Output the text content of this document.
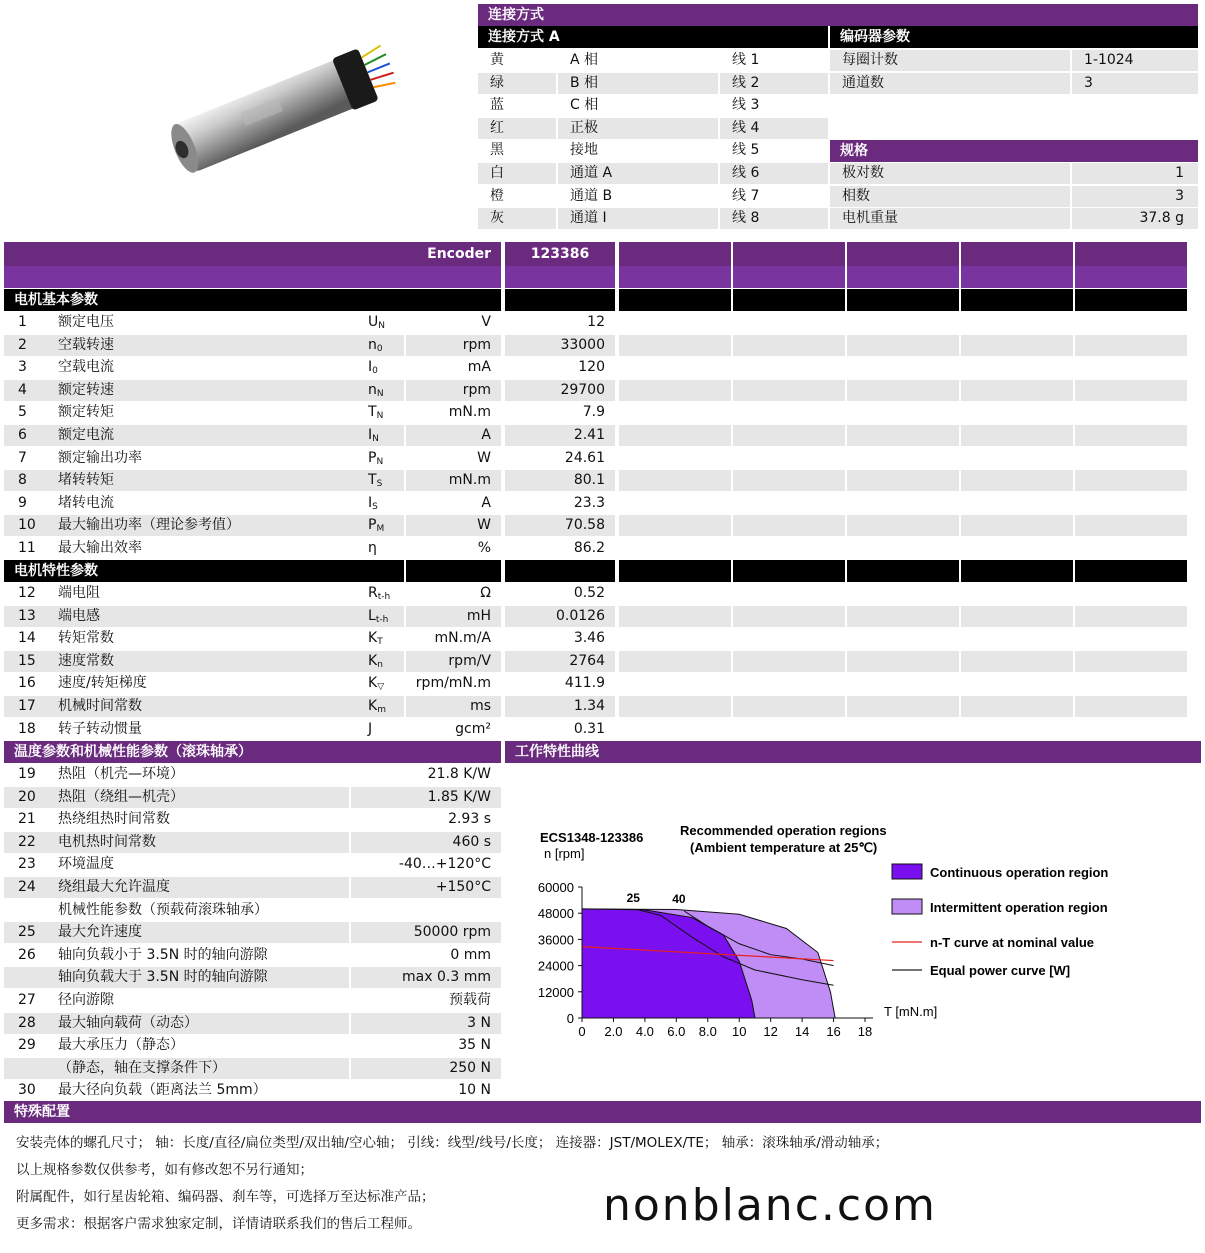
连接方式
连接方式 A	编码器参数
黄	A 相	线 1
绿	B 相	线 2
蓝	C 相	线 3
红	正极	线 4
黑	接地	线 5
白	通道 A	线 6
橙	通道 B	线 7
灰	通道 I	线 8
每圈计数	1-1024
通道数	3
规格
极对数	1
相数	3
电机重量	37.8 g
Encoder	123386
电机基本参数
1	额定电压	$U_N$	V	12
2	空载转速	$n_0$	rpm	33000
3	空载电流	$I_0$	mA	120
4	额定转速	$n_N$	rpm	29700
5	额定转矩	$T_N$	mN.m	7.9
6	额定电流	$I_N$	A	2.41
7	额定输出功率	$P_N$	W	24.61
8	堵转转矩	$T_S$	mN.m	80.1
9	堵转电流	$I_S$	A	23.3
10	最大输出功率（理论参考值）	$P_M$	W	70.58
11	最大输出效率	η	%	86.2
电机特性参数
12	端电阻	$R_{t-h}$	Ω	0.52
13	端电感	$L_{t-h}$	mH	0.0126
14	转矩常数	$K_T$	mN.m/A	3.46
15	速度常数	$K_n$	rpm/V	2764
16	速度/转矩梯度	$K_▽$	rpm/mN.m	411.9
17	机械时间常数	$K_m$	ms	1.34
18	转子转动惯量	J	gcm²	0.31
温度参数和机械性能参数（滚珠轴承）	工作特性曲线
19	热阻（机壳—环境）	21.8 K/W
20	热阻（绕组—机壳）	1.85 K/W
21	热绕组热时间常数	2.93 s
22	电机热时间常数	460 s
23	环境温度	-40…+120°C
24	绕组最大允许温度	+150°C
机械性能参数（预载荷滚珠轴承）
25	最大允许速度	50000 rpm
26	轴向负载小于 3.5N 时的轴向游隙	0 mm
轴向负载大于 3.5N 时的轴向游隙	max 0.3 mm
27	径向游隙	预载荷
28	最大轴向载荷（动态）	3 N
29	最大承压力（静态）	35 N
（静态，轴在支撑条件下）	250 N
30	最大径向负载（距离法兰 5mm）	10 N
ECS1348-123386
n [rpm]
Recommended operation regions
(Ambient temperature at 25℃)
T [mN.m]
25	40
0 2.0 4.0 6.0 8.0 10 12 14 16 18
0
12000
24000
36000
48000
60000
Continuous operation region
Intermittent operation region
n-T curve at nominal value
Equal power curve [W]
特殊配置
安装壳体的螺孔尺寸； 轴：长度/直径/扁位类型/双出轴/空心轴； 引线：线型/线号/长度； 连接器：JST/MOLEX/TE； 轴承：滚珠轴承/滑动轴承；
以上规格参数仅供参考，如有修改恕不另行通知；
附属配件，如行星齿轮箱、编码器、刹车等，可选择万至达标准产品；
更多需求：根据客户需求独家定制，详情请联系我们的售后工程师。	nonblanc.com
